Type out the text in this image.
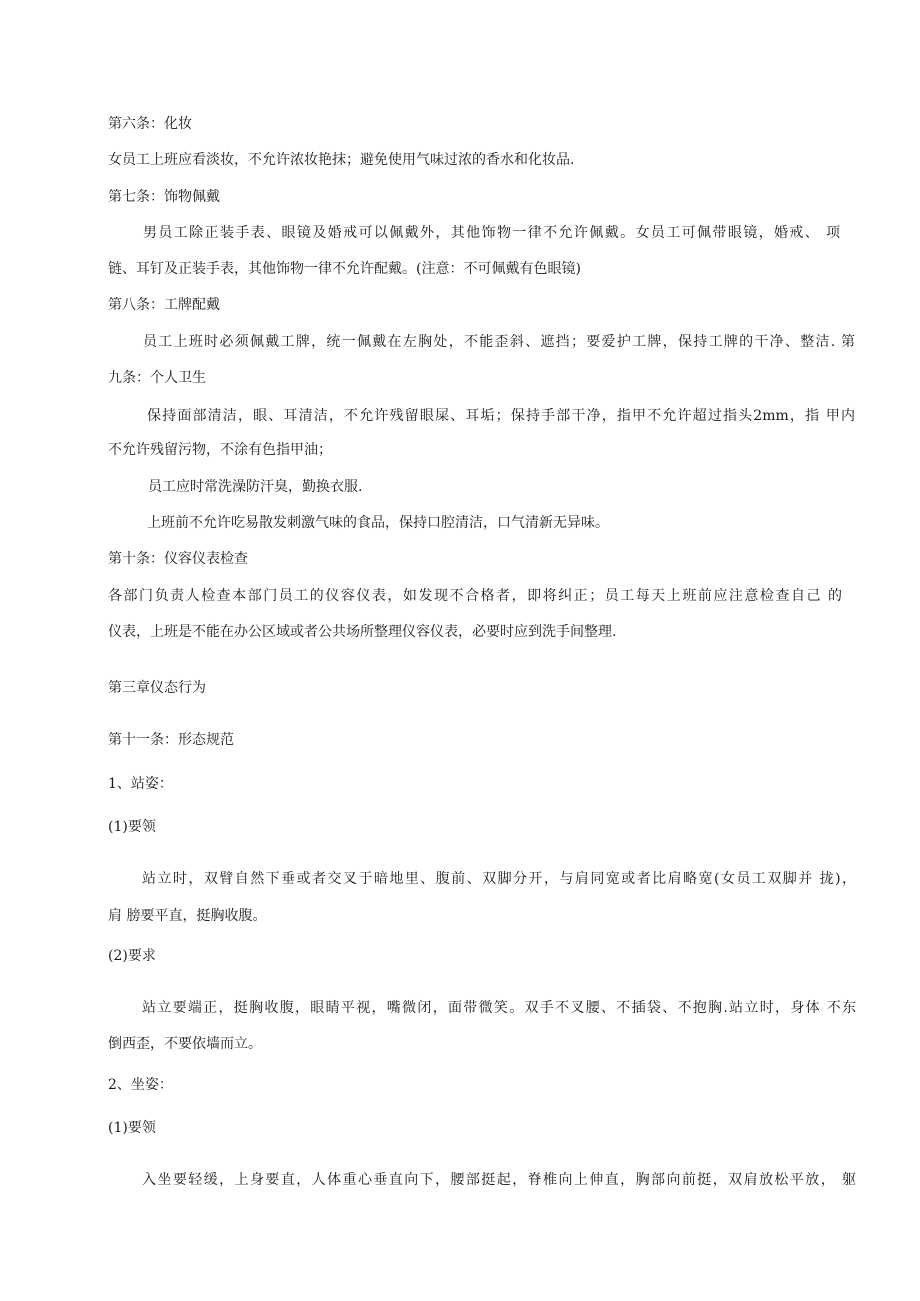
第六条：化妆
女员工上班应看淡妆，不允许浓妆艳抹；避免使用气味过浓的香水和化妆品.
第七条：饰物佩戴
男员工除正装手表、眼镜及婚戒可以佩戴外，其他饰物一律不允许佩戴。女员工可佩带眼镜，婚戒、 项
链、耳钉及正装手表，其他饰物一律不允许配戴。(注意：不可佩戴有色眼镜)
第八条：工牌配戴
员工上班时必须佩戴工牌，统一佩戴在左胸处，不能歪斜、遮挡；要爱护工牌，保持工牌的干净、整洁. 第
九条：个人卫生
保持面部清洁，眼、耳清洁，不允许残留眼屎、耳垢；保持手部干净，指甲不允许超过指头2mm，指 甲内
不允许残留污物，不涂有色指甲油；
员工应时常洗澡防汗臭，勤换衣服.
上班前不允许吃易散发刺激气味的食品，保持口腔清洁，口气清新无异味。
第十条：仪容仪表检查
各部门负责人检查本部门员工的仪容仪表，如发现不合格者，即将纠正；员工每天上班前应注意检查自己 的
仪表，上班是不能在办公区域或者公共场所整理仪容仪表，必要时应到洗手间整理.
第三章仪态行为
第十一条：形态规范
1、站姿：
(1)要领
站立时，双臂自然下垂或者交叉于暗地里、腹前、双脚分开，与肩同宽或者比肩略宽(女员工双脚并 拢)，
肩 膀要平直，挺胸收腹。
(2)要求
站立要端正，挺胸收腹，眼睛平视，嘴微闭，面带微笑。双手不叉腰、不插袋、不抱胸.站立时，身体 不东
倒西歪，不要依墙而立。
2、坐姿：
(1)要领
入坐要轻缓，上身要直，人体重心垂直向下，腰部挺起，脊椎向上伸直，胸部向前挺，双肩放松平放， 躯
